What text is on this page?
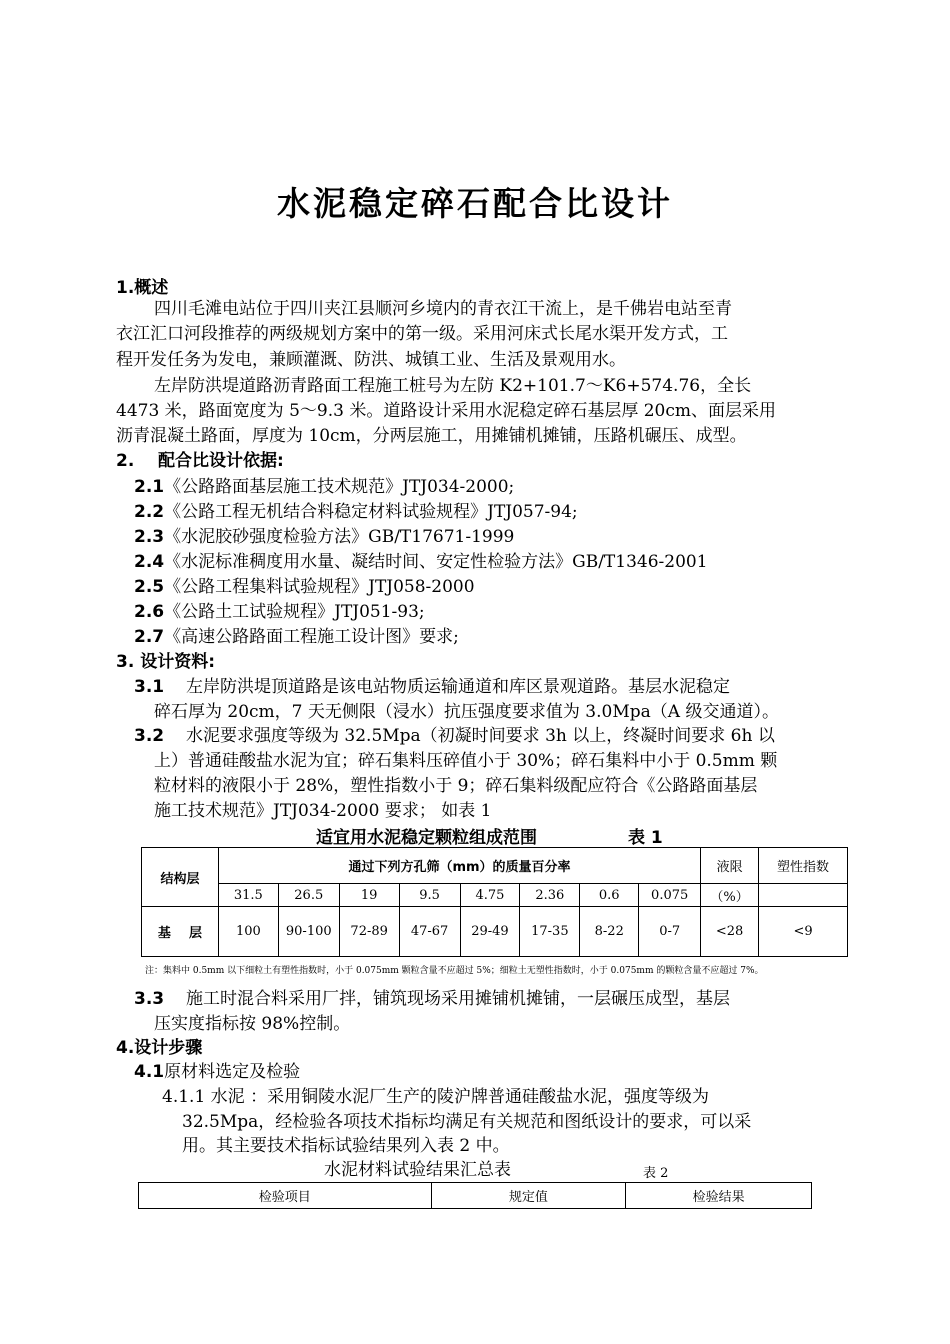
水泥稳定碎石配合比设计
1.概述
四川毛滩电站位于四川夹江县顺河乡境内的青衣江干流上，是千佛岩电站至青
衣江汇口河段推荐的两级规划方案中的第一级。采用河床式长尾水渠开发方式，工
程开发任务为发电，兼顾灌溉、防洪、城镇工业、生活及景观用水。
左岸防洪堤道路沥青路面工程施工桩号为左防 K2+101.7～K6+574.76，全长
4473 米，路面宽度为 5～9.3 米。道路设计采用水泥稳定碎石基层厚 20cm、面层采用
沥青混凝土路面，厚度为 10cm，分两层施工，用摊铺机摊铺，压路机碾压、成型。
2.    配合比设计依据:
2.1《公路路面基层施工技术规范》JTJ034-2000;
2.2《公路工程无机结合料稳定材料试验规程》JTJ057-94;
2.3《水泥胶砂强度检验方法》GB/T17671-1999
2.4《水泥标准稠度用水量、凝结时间、安定性检验方法》GB/T1346-2001
2.5《公路工程集料试验规程》JTJ058-2000
2.6《公路土工试验规程》JTJ051-93;
2.7《高速公路路面工程施工设计图》要求;
3. 设计资料:
3.1 左岸防洪堤顶道路是该电站物质运输通道和库区景观道路。基层水泥稳定
碎石厚为 20cm，7 天无侧限（浸水）抗压强度要求值为 3.0Mpa（A 级交通道）。
3.2 水泥要求强度等级为 32.5Mpa（初凝时间要求 3h 以上，终凝时间要求 6h 以
上）普通硅酸盐水泥为宜；碎石集料压碎值小于 30%；碎石集料中小于 0.5mm 颗
粒材料的液限小于 28%，塑性指数小于 9；碎石集料级配应符合《公路路面基层
施工技术规范》JTJ034-2000 要求； 如表 1
适宜用水泥稳定颗粒组成范围	表 1
结构层	通过下列方孔筛（mm）的质量百分率								液限	塑性指数
	31.5	26.5	19	9.5	4.75	2.36	0.6	0.075	（%）	
基    层	100	90-100	72-89	47-67	29-49	17-35	8-22	0-7	<28	<9
注：集料中 0.5mm 以下细粒土有塑性指数时，小于 0.075mm 颗粒含量不应超过 5%；细粒土无塑性指数时，小于 0.075mm 的颗粒含量不应超过 7%。
3.3 施工时混合料采用厂拌，铺筑现场采用摊铺机摊铺，一层碾压成型，基层
压实度指标按 98%控制。
4.设计步骤
4.1原材料选定及检验
4.1.1 水泥 ：采用铜陵水泥厂生产的陵沪牌普通硅酸盐水泥，强度等级为
32.5Mpa，经检验各项技术指标均满足有关规范和图纸设计的要求，可以采
用。其主要技术指标试验结果列入表 2 中。
水泥材料试验结果汇总表	表 2
检验项目	规定值	检验结果
